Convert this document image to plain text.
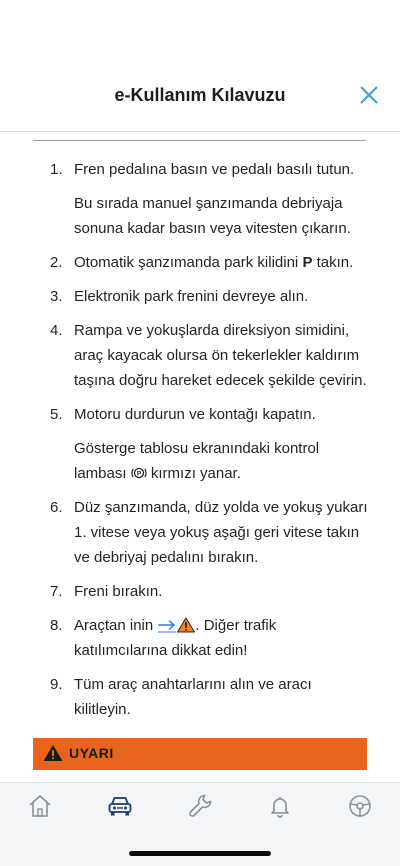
e-Kullanım Kılavuzu
1. Fren pedalına basın ve pedalı basılı tutun.
Bu sırada manuel şanzımanda debriyaja sonuna kadar basın veya vitesten çıkarın.
2. Otomatik şanzımanda park kilidini P takın.
3. Elektronik park frenini devreye alın.
4. Rampa ve yokuşlarda direksiyon simidini, araç kayacak olursa ön tekerlekler kaldırım taşına doğru hareket edecek şekilde çevirin.
5. Motoru durdurun ve kontağı kapatın.
Gösterge tablosu ekranındaki kontrol lambası P kırmızı yanar.
6. Düz şanzımanda, düz yolda ve yokuş yukarı 1. vitese veya yokuş aşağı geri vitese takın ve debriyaj pedalını bırakın.
7. Freni bırakın.
8. Araçtan inin	. Diğer trafik katılımcılarına dikkat edin!
9. Tüm araç anahtarlarını alın ve aracı kilitleyin.
UYARI
